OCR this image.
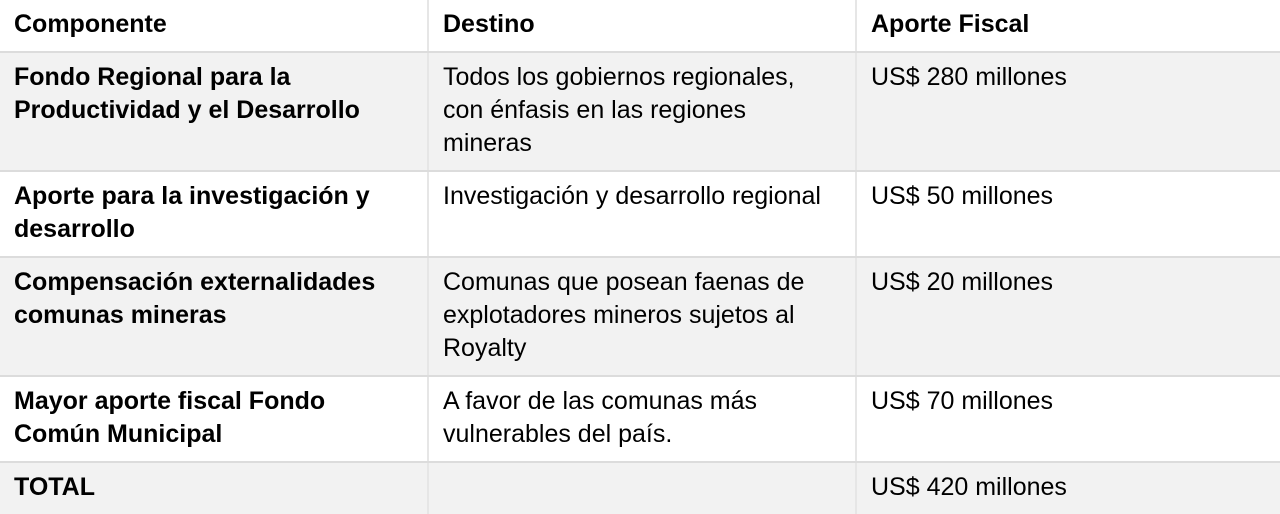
Componente	Destino	Aporte Fiscal
Fondo Regional para la Productividad y el Desarrollo	Todos los gobiernos regionales, con énfasis en las regiones mineras	US$ 280 millones
Aporte para la investigación y desarrollo	Investigación y desarrollo regional	US$ 50 millones
Compensación externalidades comunas mineras	Comunas que posean faenas de explotadores mineros sujetos al Royalty	US$ 20 millones
Mayor aporte fiscal Fondo Común Municipal	A favor de las comunas más vulnerables del país.	US$ 70 millones
TOTAL		US$ 420 millones
